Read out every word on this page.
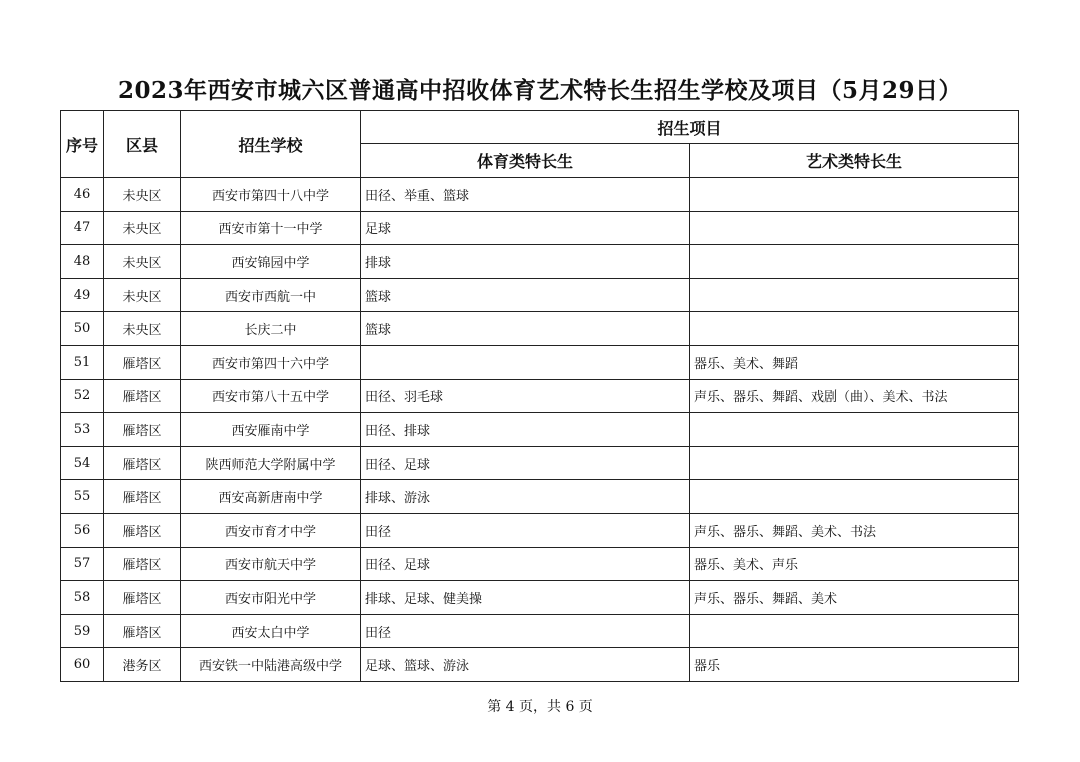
2023年西安市城六区普通高中招收体育艺术特长生招生学校及项目（5月29日）
序号	区县	招生学校	招生项目	
			体育类特长生	艺术类特长生
46	未央区	西安市第四十八中学	田径、举重、篮球	
47	未央区	西安市第十一中学	足球	
48	未央区	西安锦园中学	排球	
49	未央区	西安市西航一中	篮球	
50	未央区	长庆二中	篮球	
51	雁塔区	西安市第四十六中学		器乐、美术、舞蹈
52	雁塔区	西安市第八十五中学	田径、羽毛球	声乐、器乐、舞蹈、戏剧（曲）、美术、书法
53	雁塔区	西安雁南中学	田径、排球	
54	雁塔区	陕西师范大学附属中学	田径、足球	
55	雁塔区	西安高新唐南中学	排球、游泳	
56	雁塔区	西安市育才中学	田径	声乐、器乐、舞蹈、美术、书法
57	雁塔区	西安市航天中学	田径、足球	器乐、美术、声乐
58	雁塔区	西安市阳光中学	排球、足球、健美操	声乐、器乐、舞蹈、美术
59	雁塔区	西安太白中学	田径	
60	港务区	西安铁一中陆港高级中学	足球、篮球、游泳	器乐
第 4 页，共 6 页
